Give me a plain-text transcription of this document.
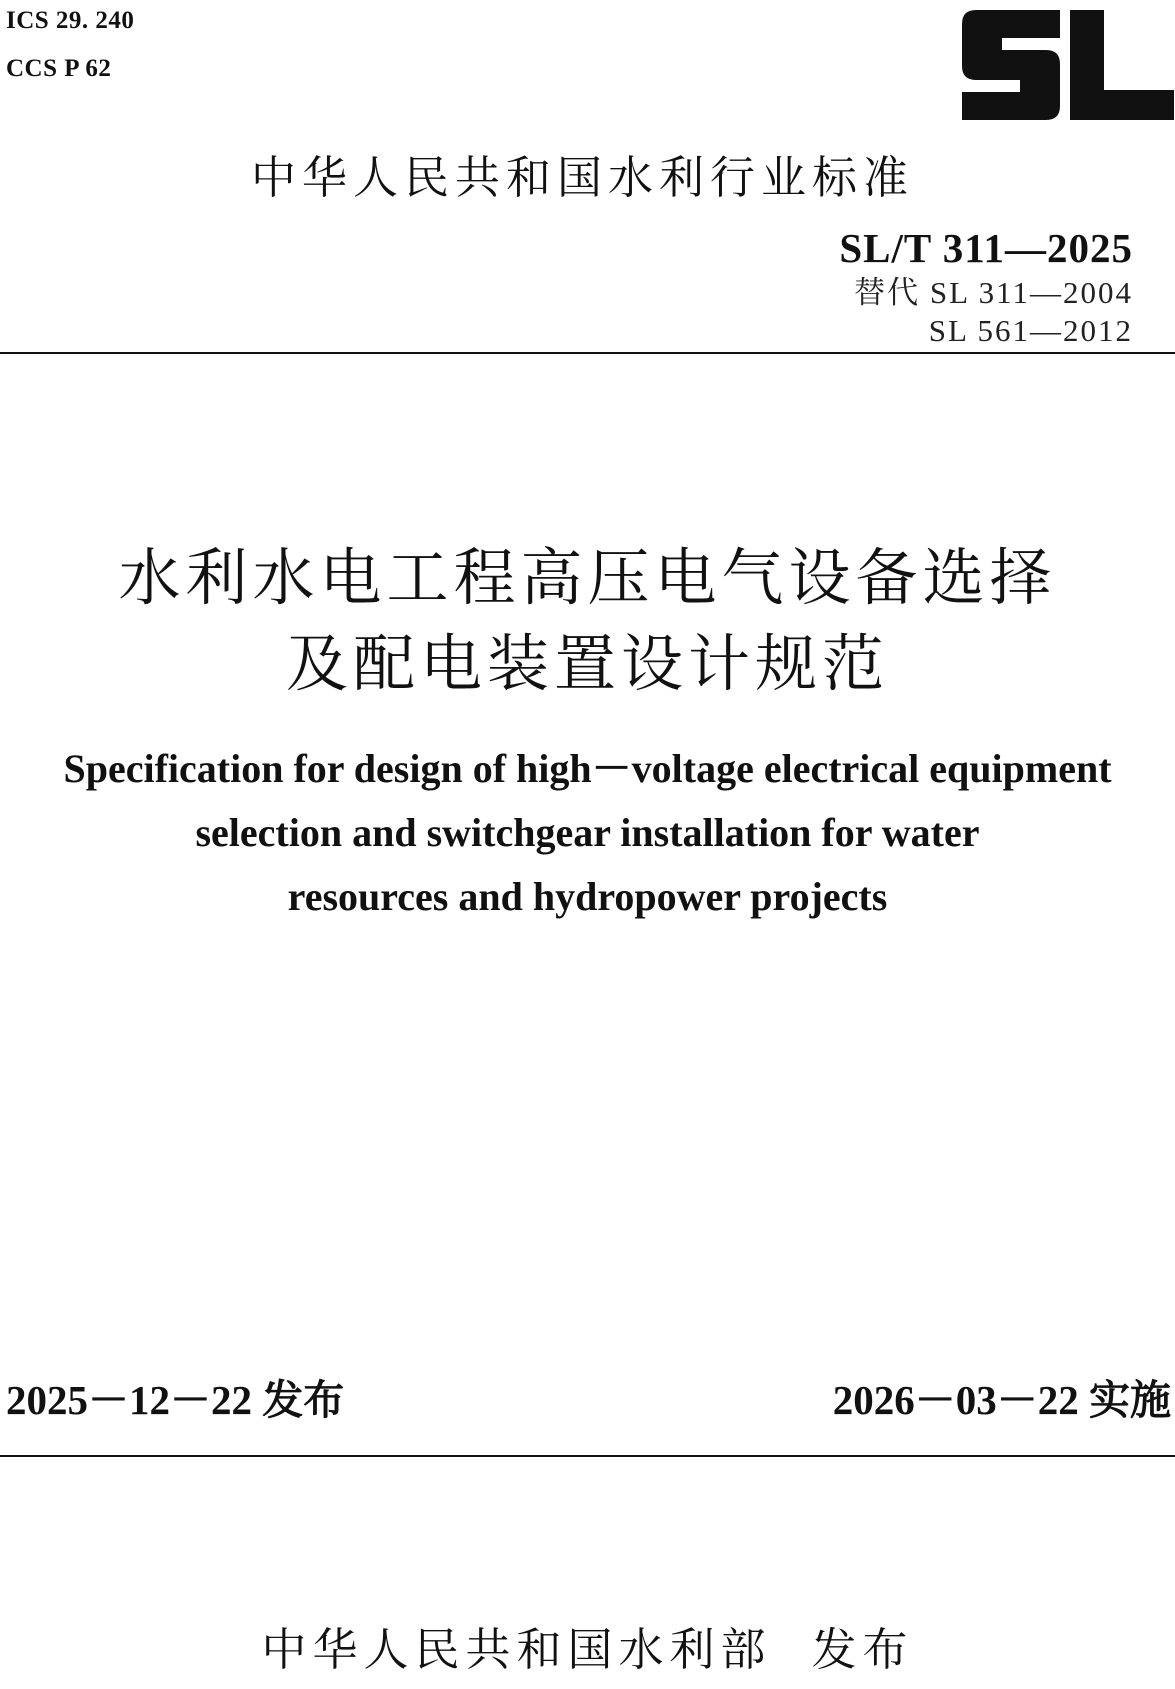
ICS 29. 240
CCS P 62
中华人民共和国水利行业标准
SL/T 311—2025
替代 SL 311—2004
SL 561—2012
水利水电工程高压电气设备选择
及配电装置设计规范
Specification for design of high－voltage electrical equipment
selection and switchgear installation for water
resources and hydropower projects
2025－12－22 发布	2026－03－22 实施
中华人民共和国水利部 发布
